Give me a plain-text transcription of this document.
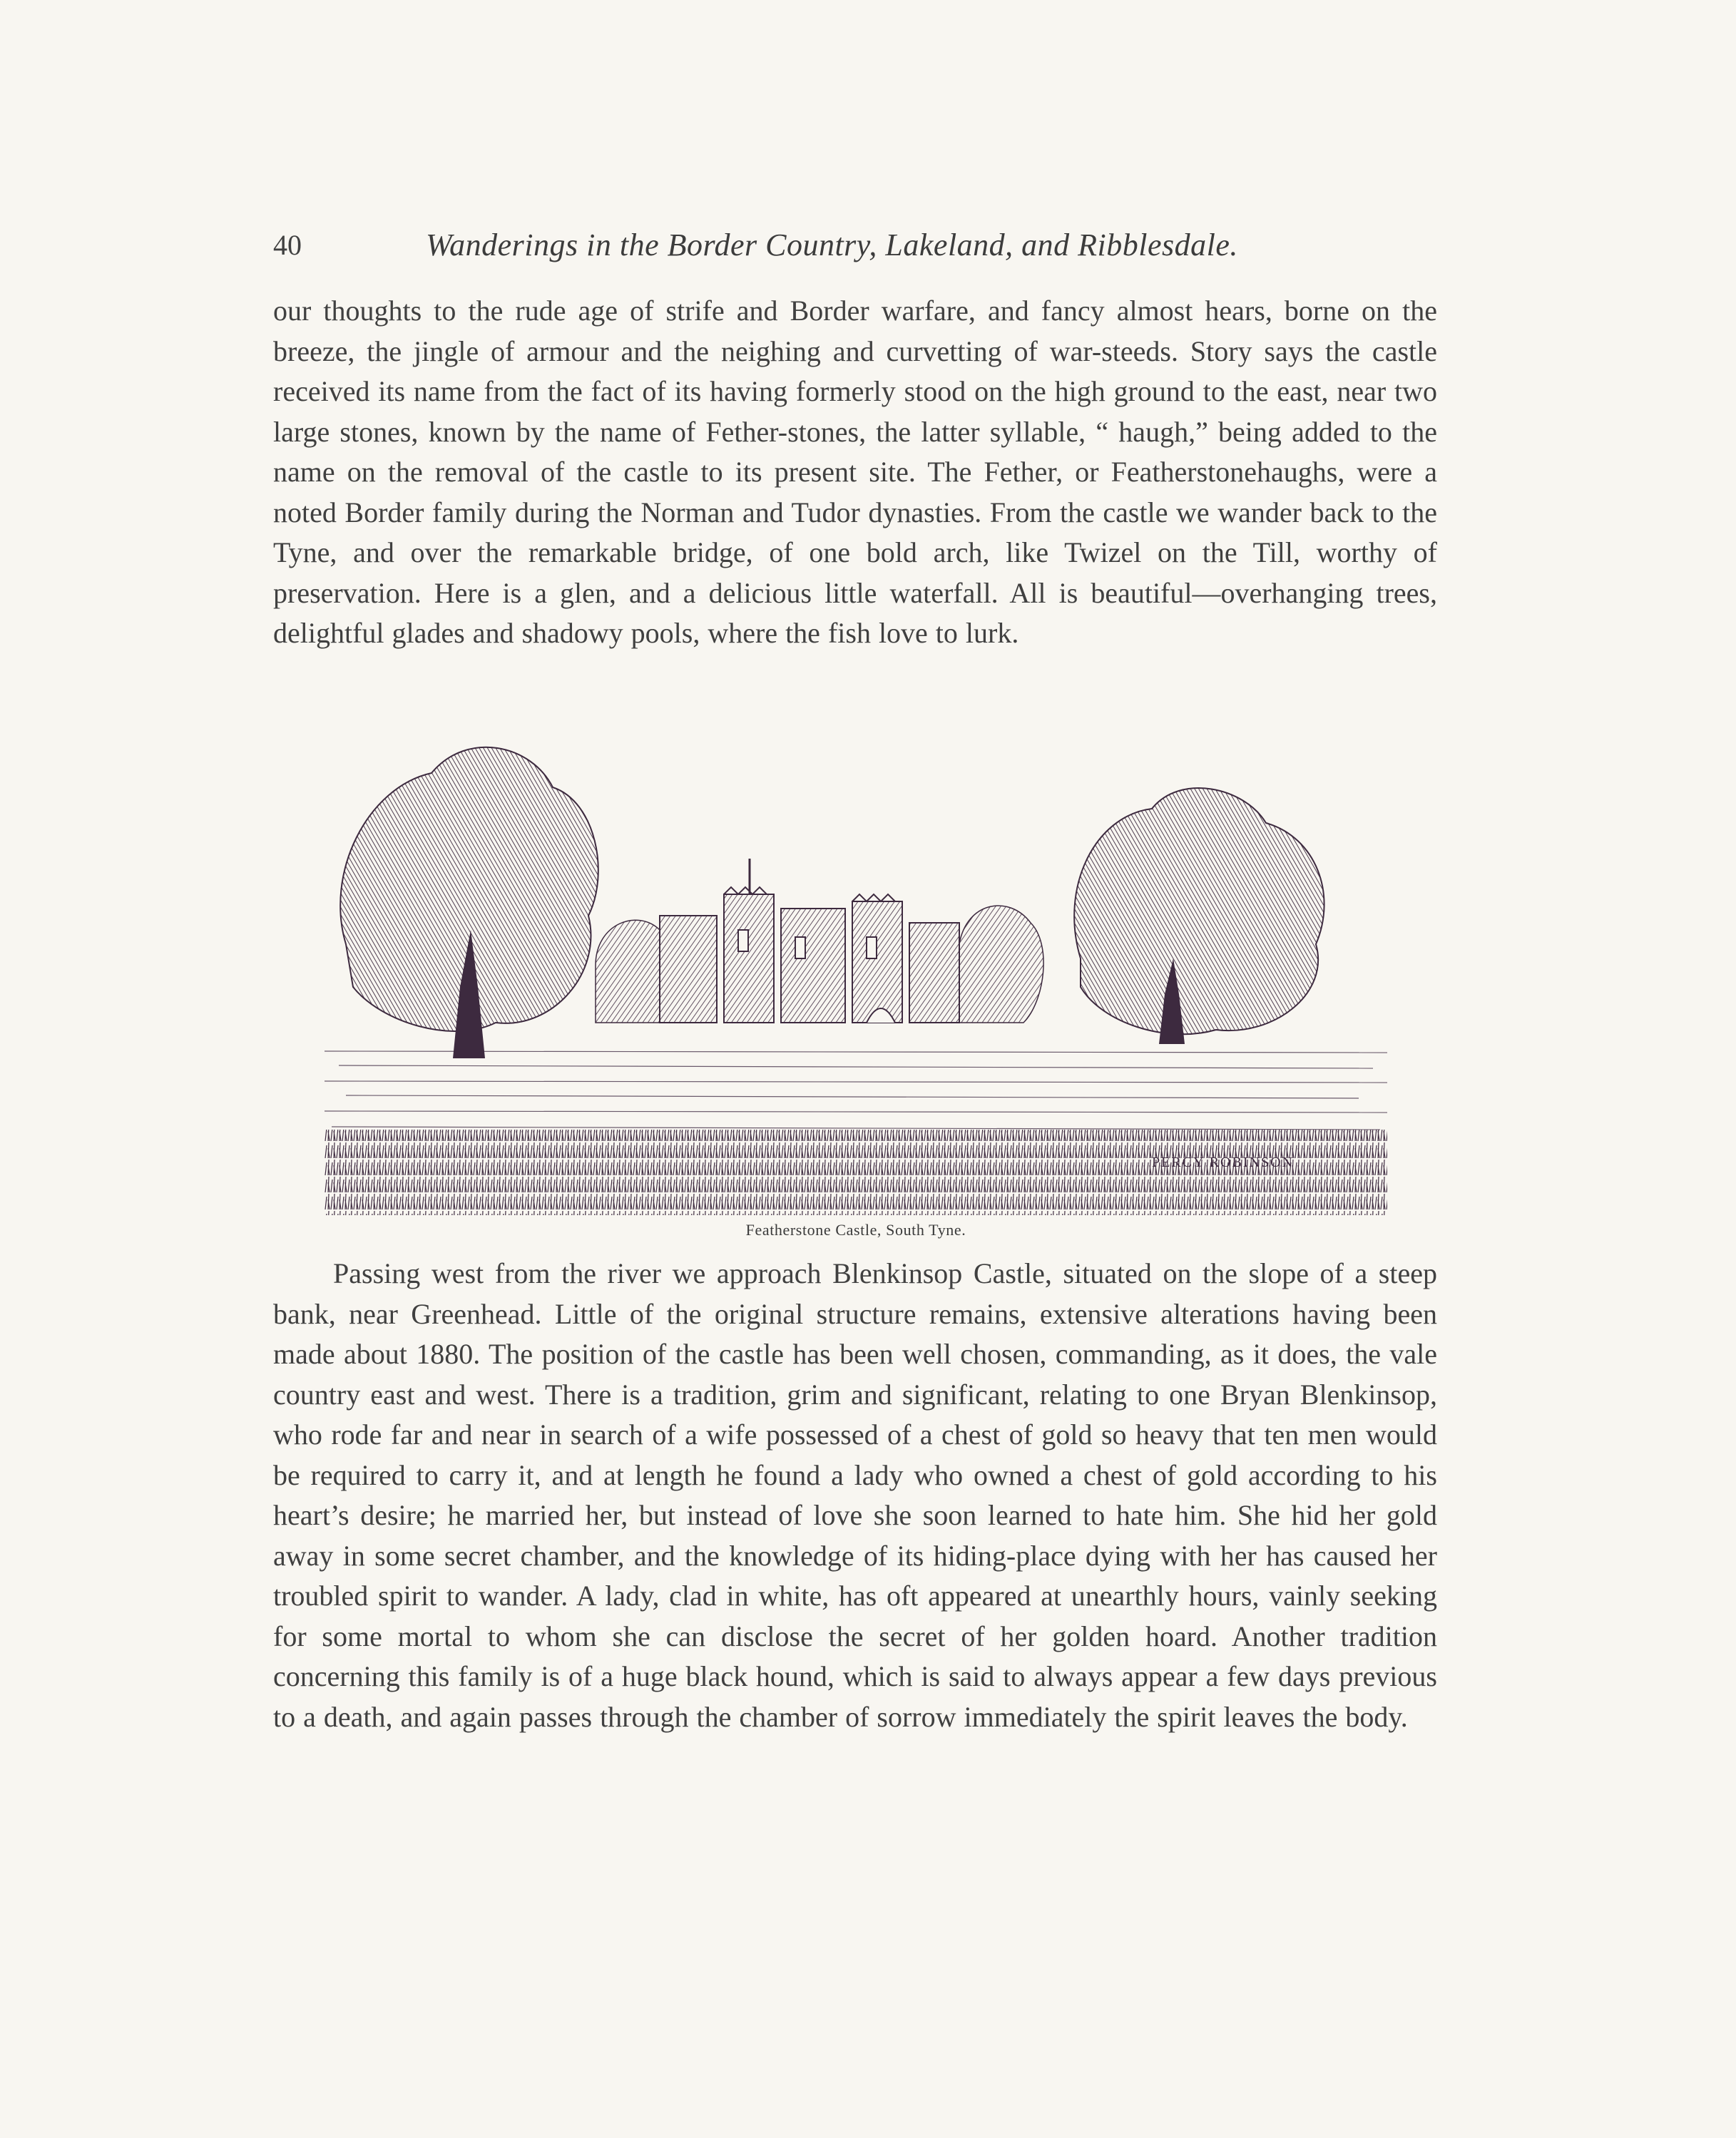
40	Wanderings in the Border Country, Lakeland, and Ribblesdale.

our thoughts to the rude age of strife and Border warfare, and fancy almost hears, borne on the breeze, the jingle of armour and the neighing and curvetting of war-steeds. Story says the castle received its name from the fact of its having formerly stood on the high ground to the east, near two large stones, known by the name of Fether-stones, the latter syllable, “ haugh,” being added to the name on the removal of the castle to its present site. The Fether, or Featherstonehaughs, were a noted Border family during the Norman and Tudor dynasties. From the castle we wander back to the Tyne, and over the remarkable bridge, of one bold arch, like Twizel on the Till, worthy of preservation. Here is a glen, and a delicious little waterfall. All is beautiful—overhanging trees, delightful glades and shadowy pools, where the fish love to lurk.

PERCY ROBINSON
Featherstone Castle, South Tyne.

Passing west from the river we approach Blenkinsop Castle, situated on the slope of a steep bank, near Greenhead. Little of the original structure remains, extensive alterations having been made about 1880. The position of the castle has been well chosen, commanding, as it does, the vale country east and west. There is a tradition, grim and significant, relating to one Bryan Blenkinsop, who rode far and near in search of a wife possessed of a chest of gold so heavy that ten men would be required to carry it, and at length he found a lady who owned a chest of gold according to his heart’s desire; he married her, but instead of love she soon learned to hate him. She hid her gold away in some secret chamber, and the knowledge of its hiding-place dying with her has caused her troubled spirit to wander. A lady, clad in white, has oft appeared at unearthly hours, vainly seeking for some mortal to whom she can disclose the secret of her golden hoard. Another tradition concerning this family is of a huge black hound, which is said to always appear a few days previous to a death, and again passes through the chamber of sorrow immediately the spirit leaves the body.
